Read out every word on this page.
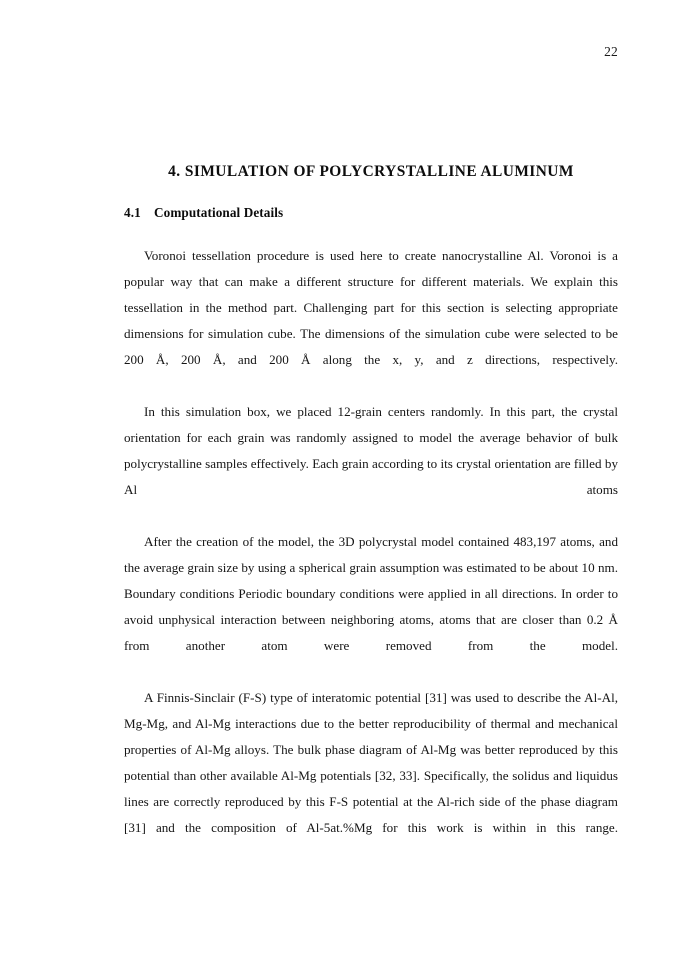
22
4. SIMULATION OF POLYCRYSTALLINE ALUMINUM
4.1 Computational Details

Voronoi tessellation procedure is used here to create nanocrystalline Al. Voronoi is a popular way that can make a different structure for different materials. We explain this tessellation in the method part. Challenging part for this section is selecting appropriate dimensions for simulation cube. The dimensions of the simulation cube were selected to be 200 Å, 200 Å, and 200 Å along the x, y, and z directions, respectively.

In this simulation box, we placed 12-grain centers randomly. In this part, the crystal orientation for each grain was randomly assigned to model the average behavior of bulk polycrystalline samples effectively. Each grain according to its crystal orientation are filled by Al atoms

After the creation of the model, the 3D polycrystal model contained 483,197 atoms, and the average grain size by using a spherical grain assumption was estimated to be about 10 nm. Boundary conditions Periodic boundary conditions were applied in all directions. In order to avoid unphysical interaction between neighboring atoms, atoms that are closer than 0.2 Å from another atom were removed from the model.

A Finnis-Sinclair (F-S) type of interatomic potential [31] was used to describe the Al-Al, Mg-Mg, and Al-Mg interactions due to the better reproducibility of thermal and mechanical properties of Al-Mg alloys. The bulk phase diagram of Al-Mg was better reproduced by this potential than other available Al-Mg potentials [32, 33]. Specifically, the solidus and liquidus lines are correctly reproduced by this F-S potential at the Al-rich side of the phase diagram [31] and the composition of Al-5at.%Mg for this work is within in this range.
